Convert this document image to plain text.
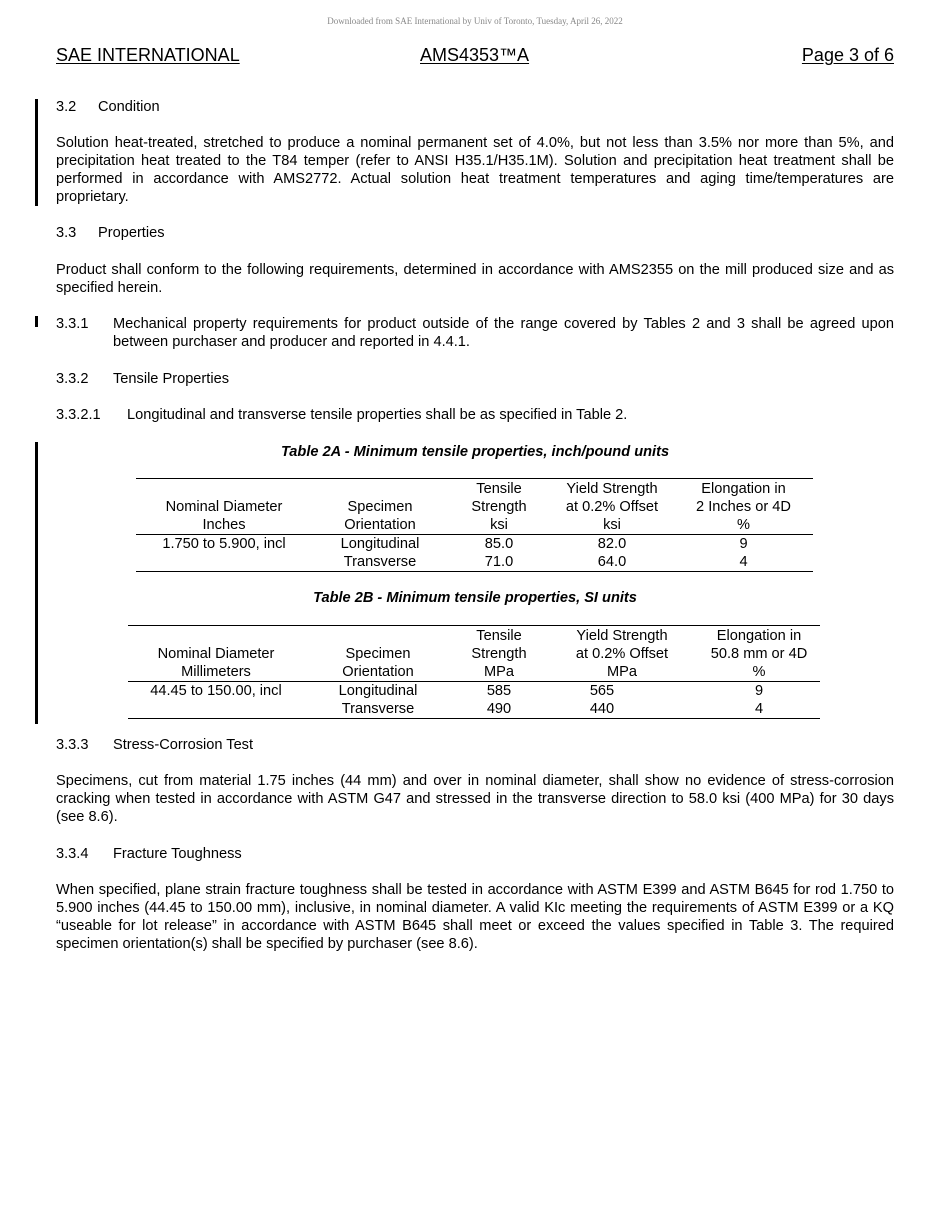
Downloaded from SAE International by Univ of Toronto, Tuesday, April 26, 2022
SAE INTERNATIONAL	AMS4353™A	Page 3 of 6
3.2 Condition
Solution heat-treated, stretched to produce a nominal permanent set of 4.0%, but not less than 3.5% nor more than 5%, and precipitation heat treated to the T84 temper (refer to ANSI H35.1/H35.1M). Solution and precipitation heat treatment shall be performed in accordance with AMS2772. Actual solution heat treatment temperatures and aging time/temperatures are proprietary.
3.3 Properties
Product shall conform to the following requirements, determined in accordance with AMS2355 on the mill produced size and as specified herein.
3.3.1 Mechanical property requirements for product outside of the range covered by Tables 2 and 3 shall be agreed upon between purchaser and producer and reported in 4.4.1.
3.3.2 Tensile Properties
3.3.2.1 Longitudinal and transverse tensile properties shall be as specified in Table 2.
Table 2A - Minimum tensile properties, inch/pound units
		Tensile	Yield Strength	Elongation in
Nominal Diameter	Specimen	Strength	at 0.2% Offset	2 Inches or 4D
Inches	Orientation	ksi	ksi	%
1.750 to 5.900, incl	Longitudinal	85.0	82.0	9
	Transverse	71.0	64.0	4
Table 2B - Minimum tensile properties, SI units
		Tensile	Yield Strength	Elongation in
Nominal Diameter	Specimen	Strength	at 0.2% Offset	50.8 mm or 4D
Millimeters	Orientation	MPa	MPa	%
44.45 to 150.00, incl	Longitudinal	585	565	9
	Transverse	490	440	4
3.3.3 Stress-Corrosion Test
Specimens, cut from material 1.75 inches (44 mm) and over in nominal diameter, shall show no evidence of stress-corrosion cracking when tested in accordance with ASTM G47 and stressed in the transverse direction to 58.0 ksi (400 MPa) for 30 days (see 8.6).
3.3.4 Fracture Toughness
When specified, plane strain fracture toughness shall be tested in accordance with ASTM E399 and ASTM B645 for rod 1.750 to 5.900 inches (44.45 to 150.00 mm), inclusive, in nominal diameter. A valid KIc meeting the requirements of ASTM E399 or a KQ “useable for lot release” in accordance with ASTM B645 shall meet or exceed the values specified in Table 3. The required specimen orientation(s) shall be specified by purchaser (see 8.6).
